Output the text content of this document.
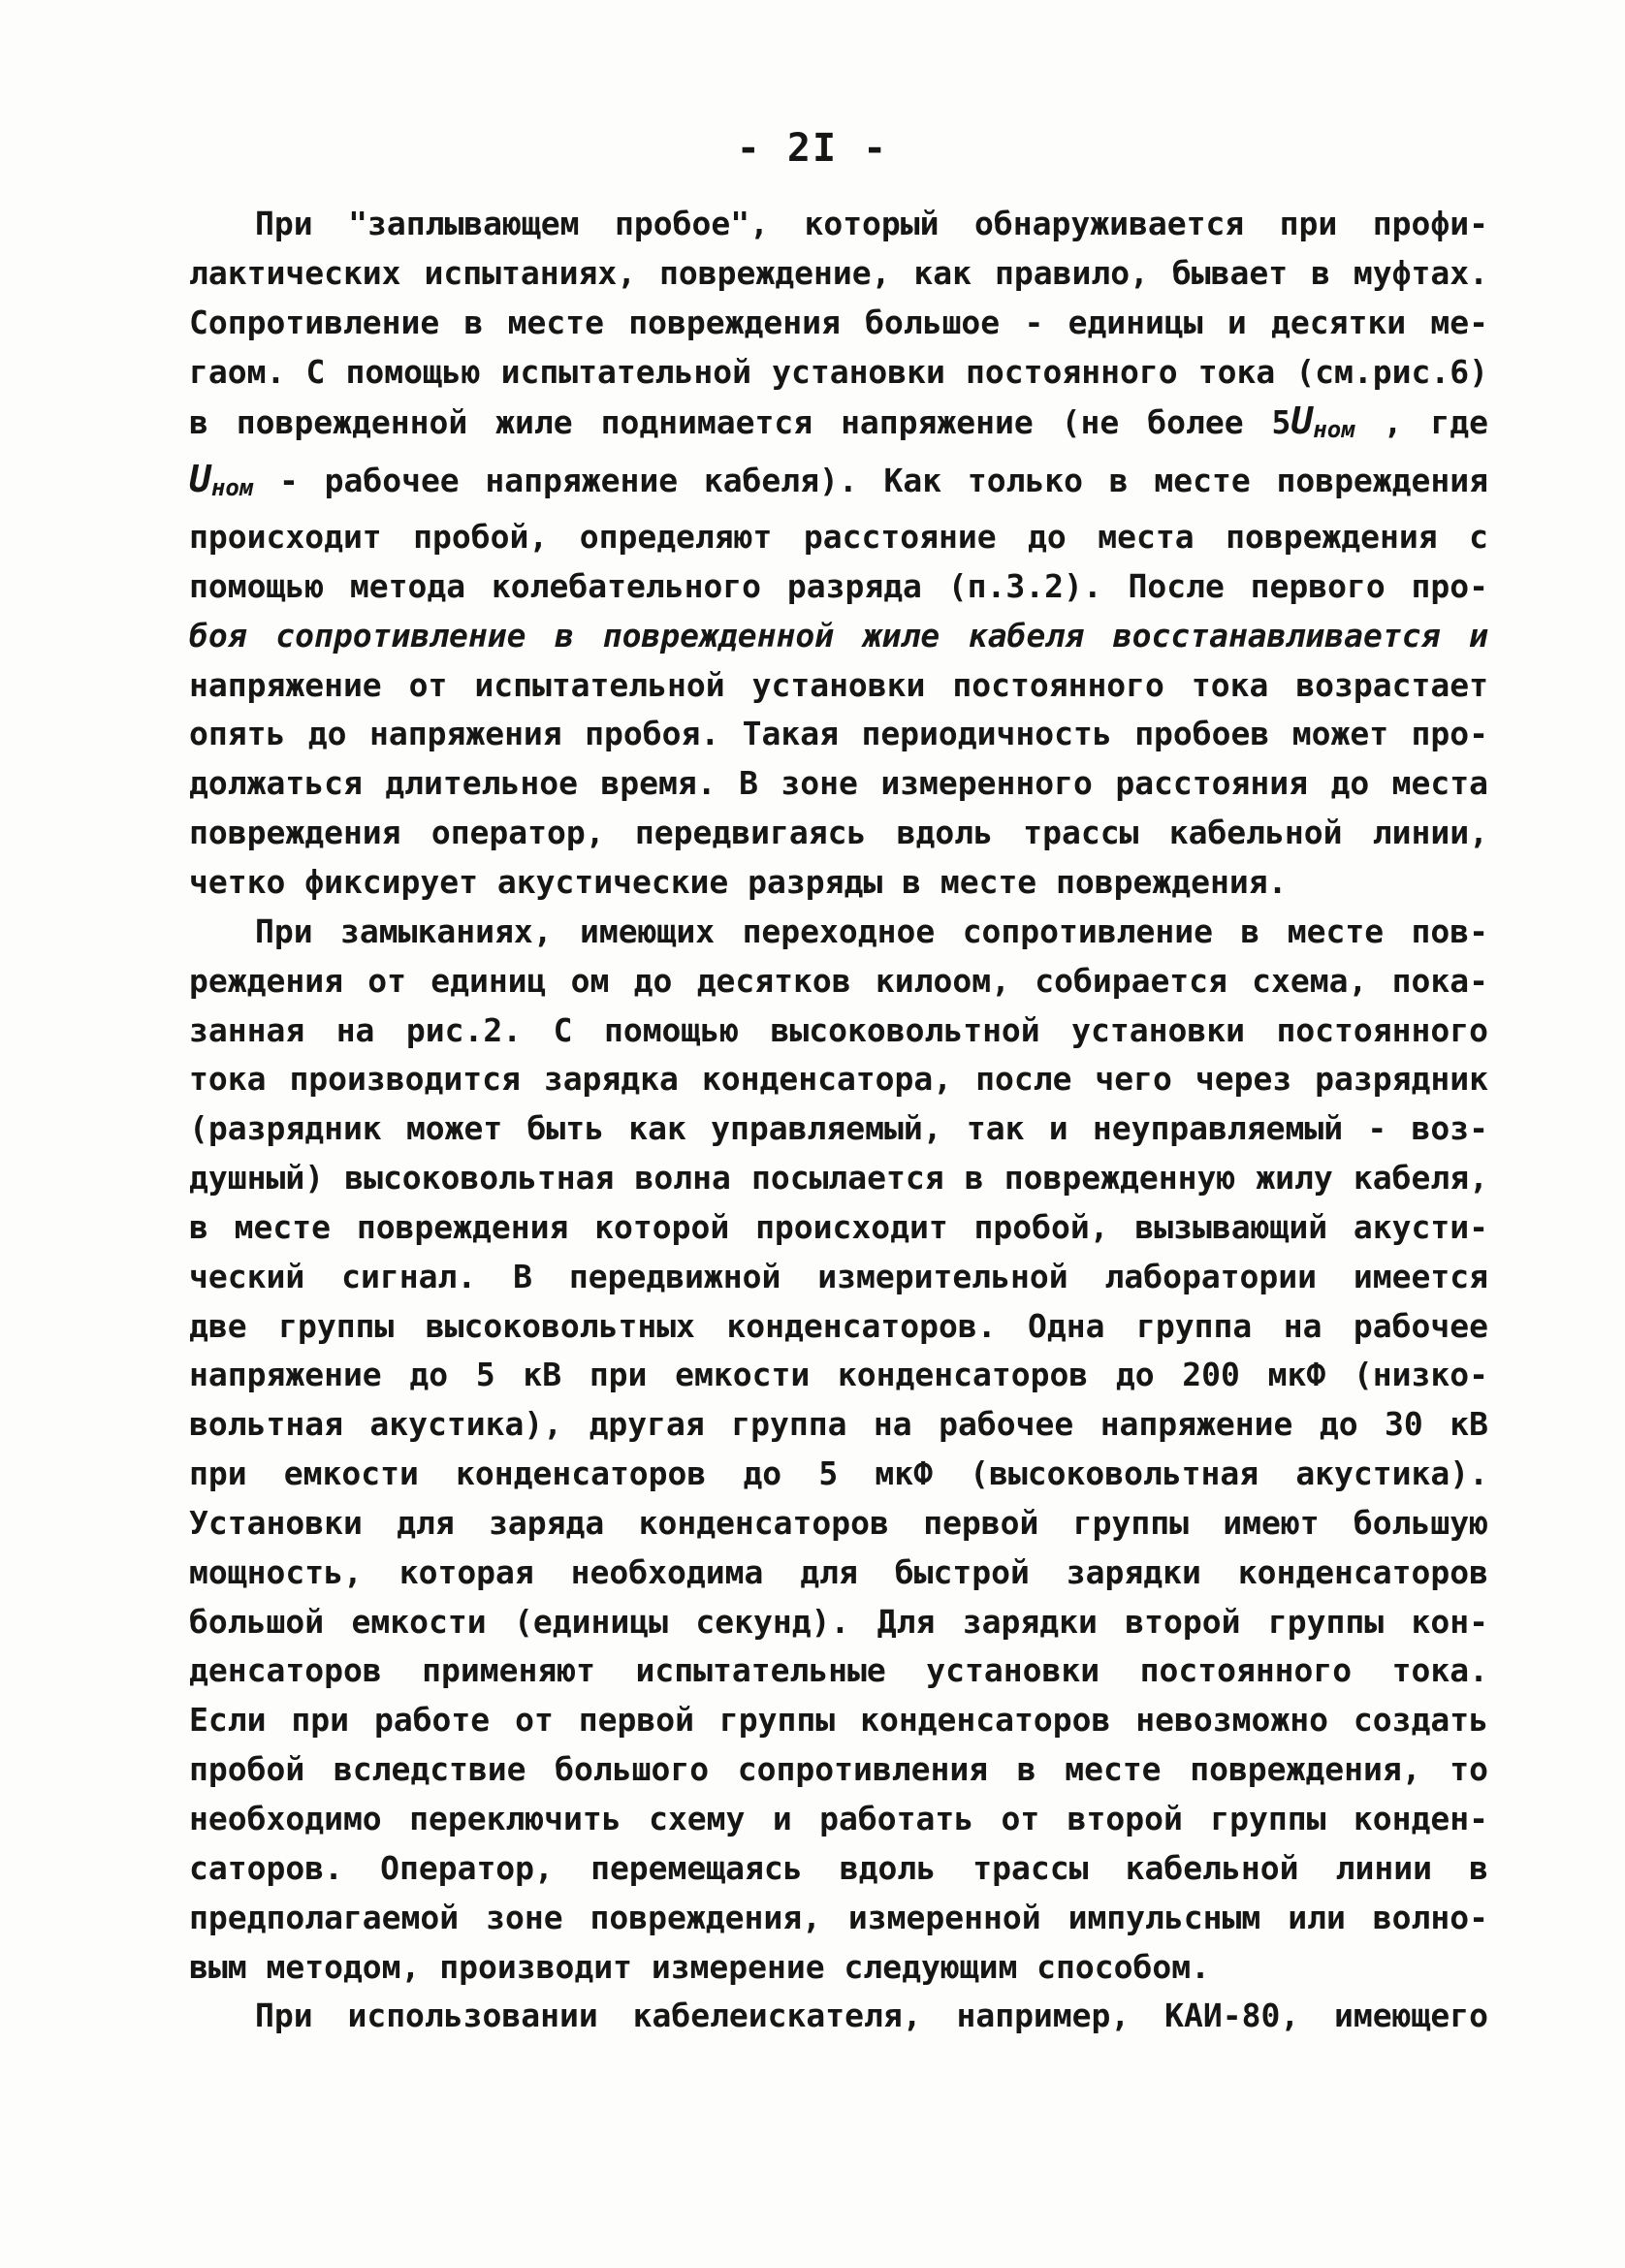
- 2I -
При "заплывающем пробое", который обнаруживается при профи-
лактических испытаниях, повреждение, как правило, бывает в муфтах.
Сопротивление в месте повреждения большое - единицы и десятки ме-
гаом. С помощью испытательной установки постоянного тока (см.рис.6)
в поврежденной жиле поднимается напряжение (не более 5Uном , где
Uном - рабочее напряжение кабеля). Как только в месте повреждения
происходит пробой, определяют расстояние до места повреждения с
помощью метода колебательного разряда (п.3.2). После первого про-
боя сопротивление в поврежденной жиле кабеля восстанавливается и
напряжение от испытательной установки постоянного тока возрастает
опять до напряжения пробоя. Такая периодичность пробоев может про-
должаться длительное время. В зоне измеренного расстояния до места
повреждения оператор, передвигаясь вдоль трассы кабельной линии,
четко фиксирует акустические разряды в месте повреждения.
При замыканиях, имеющих переходное сопротивление в месте пов-
реждения от единиц ом до десятков килоом, собирается схема, пока-
занная на рис.2. С помощью высоковольтной установки постоянного
тока производится зарядка конденсатора, после чего через разрядник
(разрядник может быть как управляемый, так и неуправляемый - воз-
душный) высоковольтная волна посылается в поврежденную жилу кабеля,
в месте повреждения которой происходит пробой, вызывающий акусти-
ческий сигнал. В передвижной измерительной лаборатории имеется
две группы высоковольтных конденсаторов. Одна группа на рабочее
напряжение до 5 кВ при емкости конденсаторов до 200 мкФ (низко-
вольтная акустика), другая группа на рабочее напряжение до 30 кВ
при емкости конденсаторов до 5 мкФ (высоковольтная акустика).
Установки для заряда конденсаторов первой группы имеют большую
мощность, которая необходима для быстрой зарядки конденсаторов
большой емкости (единицы секунд). Для зарядки второй группы кон-
денсаторов применяют испытательные установки постоянного тока.
Если при работе от первой группы конденсаторов невозможно создать
пробой вследствие большого сопротивления в месте повреждения, то
необходимо переключить схему и работать от второй группы конден-
саторов. Оператор, перемещаясь вдоль трассы кабельной линии в
предполагаемой зоне повреждения, измеренной импульсным или волно-
вым методом, производит измерение следующим способом.
При использовании кабелеискателя, например, КАИ-80, имеющего
